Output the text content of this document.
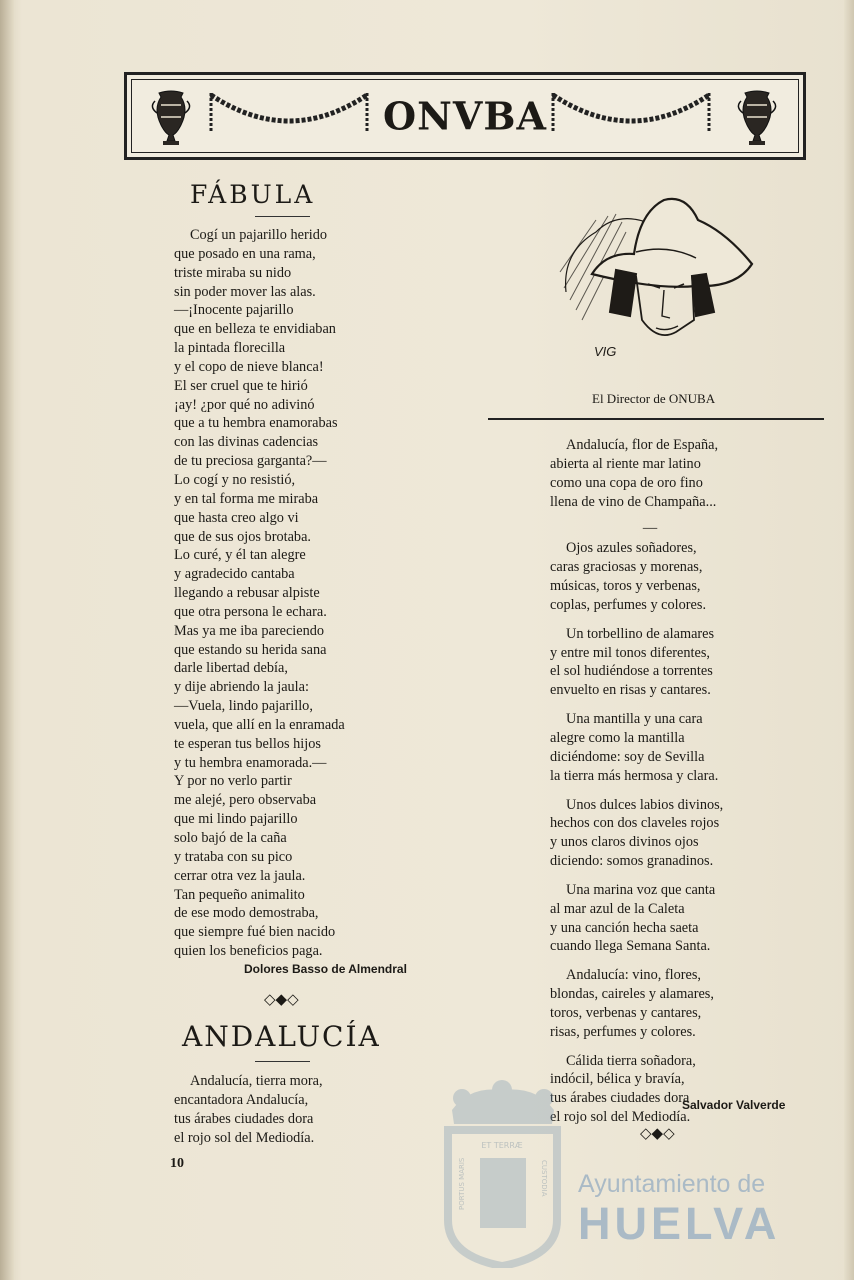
ONVBA
FÁBULA
Cogí un pajarillo herido
que posado en una rama,
triste miraba su nido
sin poder mover las alas.
—¡Inocente pajarillo
que en belleza te envidiaban
la pintada florecilla
y el copo de nieve blanca!
El ser cruel que te hirió
¡ay! ¿por qué no adivinó
que a tu hembra enamorabas
con las divinas cadencias
de tu preciosa garganta?—
Lo cogí y no resistió,
y en tal forma me miraba
que hasta creo algo vi
que de sus ojos brotaba.
Lo curé, y él tan alegre
y agradecido cantaba
llegando a rebusar alpiste
que otra persona le echara.
Mas ya me iba pareciendo
que estando su herida sana
darle libertad debía,
y dije abriendo la jaula:
—Vuela, lindo pajarillo,
vuela, que allí en la enramada
te esperan tus bellos hijos
y tu hembra enamorada.—
Y por no verlo partir
me alejé, pero observaba
que mi lindo pajarillo
solo bajó de la caña
y trataba con su pico
cerrar otra vez la jaula.
Tan pequeño animalito
de ese modo demostraba,
que siempre fué bien nacido
quien los beneficios paga.
Dolores Basso de Almendral
◇◆◇
ANDALUCÍA
Andalucía, tierra mora,
encantadora Andalucía,
tus árabes ciudades dora
el rojo sol del Mediodía.
10
VIG
El Director de ONUBA
Andalucía, flor de España,
abierta al riente mar latino
como una copa de oro fino
llena de vino de Champaña...
—
Ojos azules soñadores,
caras graciosas y morenas,
músicas, toros y verbenas,
coplas, perfumes y colores.
Un torbellino de alamares
y entre mil tonos diferentes,
el sol hudiéndose a torrentes
envuelto en risas y cantares.
Una mantilla y una cara
alegre como la mantilla
diciéndome: soy de Sevilla
la tierra más hermosa y clara.
Unos dulces labios divinos,
hechos con dos claveles rojos
y unos claros divinos ojos
diciendo: somos granadinos.
Una marina voz que canta
al mar azul de la Caleta
y una canción hecha saeta
cuando llega Semana Santa.
Andalucía: vino, flores,
blondas, caireles y alamares,
toros, verbenas y cantares,
risas, perfumes y colores.
Cálida tierra soñadora,
indócil, bélica y bravía,
tus árabes ciudades dora
el rojo sol del Mediodía.
Salvador Valverde
◇◆◇
ET TERRÆ
PORTUS MARIS	CUSTODIA Ayuntamiento de
HUELVA
